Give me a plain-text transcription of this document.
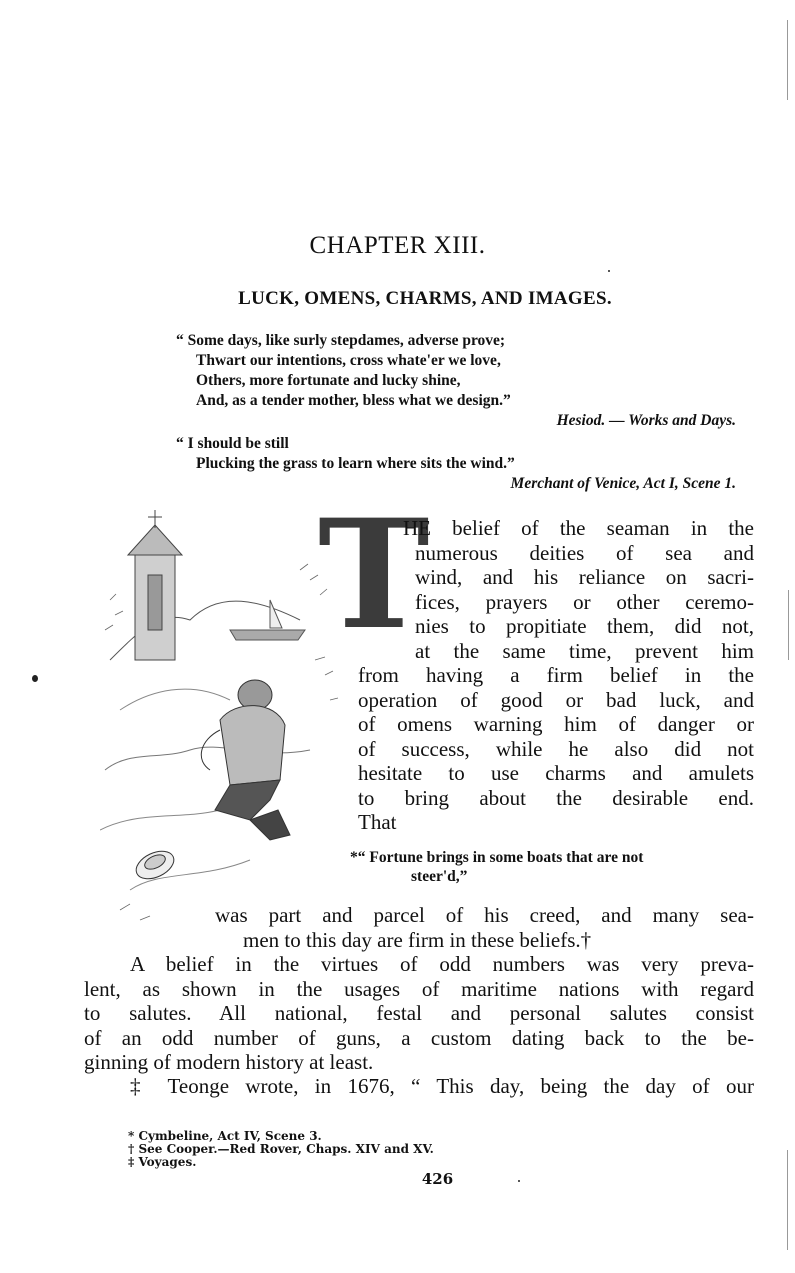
CHAPTER XIII.
LUCK, OMENS, CHARMS, AND IMAGES.
“ Some days, like surly stepdames, adverse prove;
Thwart our intentions, cross whate'er we love,
Others, more fortunate and lucky shine,
And, as a tender mother, bless what we design.”
Hesiod. — Works and Days.
“ I should be still
Plucking the grass to learn where sits the wind.”
Merchant of Venice, Act I, Scene 1.
T
HE belief of the seaman in the
numerous deities of sea and
wind, and his reliance on sacri-
fices, prayers or other ceremo-
nies to propitiate them, did not,
at the same time, prevent him
from having a firm belief in the
operation of good or bad luck, and
of omens warning him of danger or
of success, while he also did not
hesitate to use charms and amulets
to bring about the desirable end.
That
*“ Fortune brings in some boats that are not
steer'd,”
was part and parcel of his creed, and many sea-
men to this day are firm in these beliefs.†
A belief in the virtues of odd numbers was very preva-
lent, as shown in the usages of maritime nations with regard
to salutes. All national, festal and personal salutes consist
of an odd number of guns, a custom dating back to the be-
ginning of modern history at least.
‡ Teonge wrote, in 1676, “ This day, being the day of our
* Cymbeline, Act IV, Scene 3.
† See Cooper.—Red Rover, Chaps. XIV and XV.
‡ Voyages.
426
